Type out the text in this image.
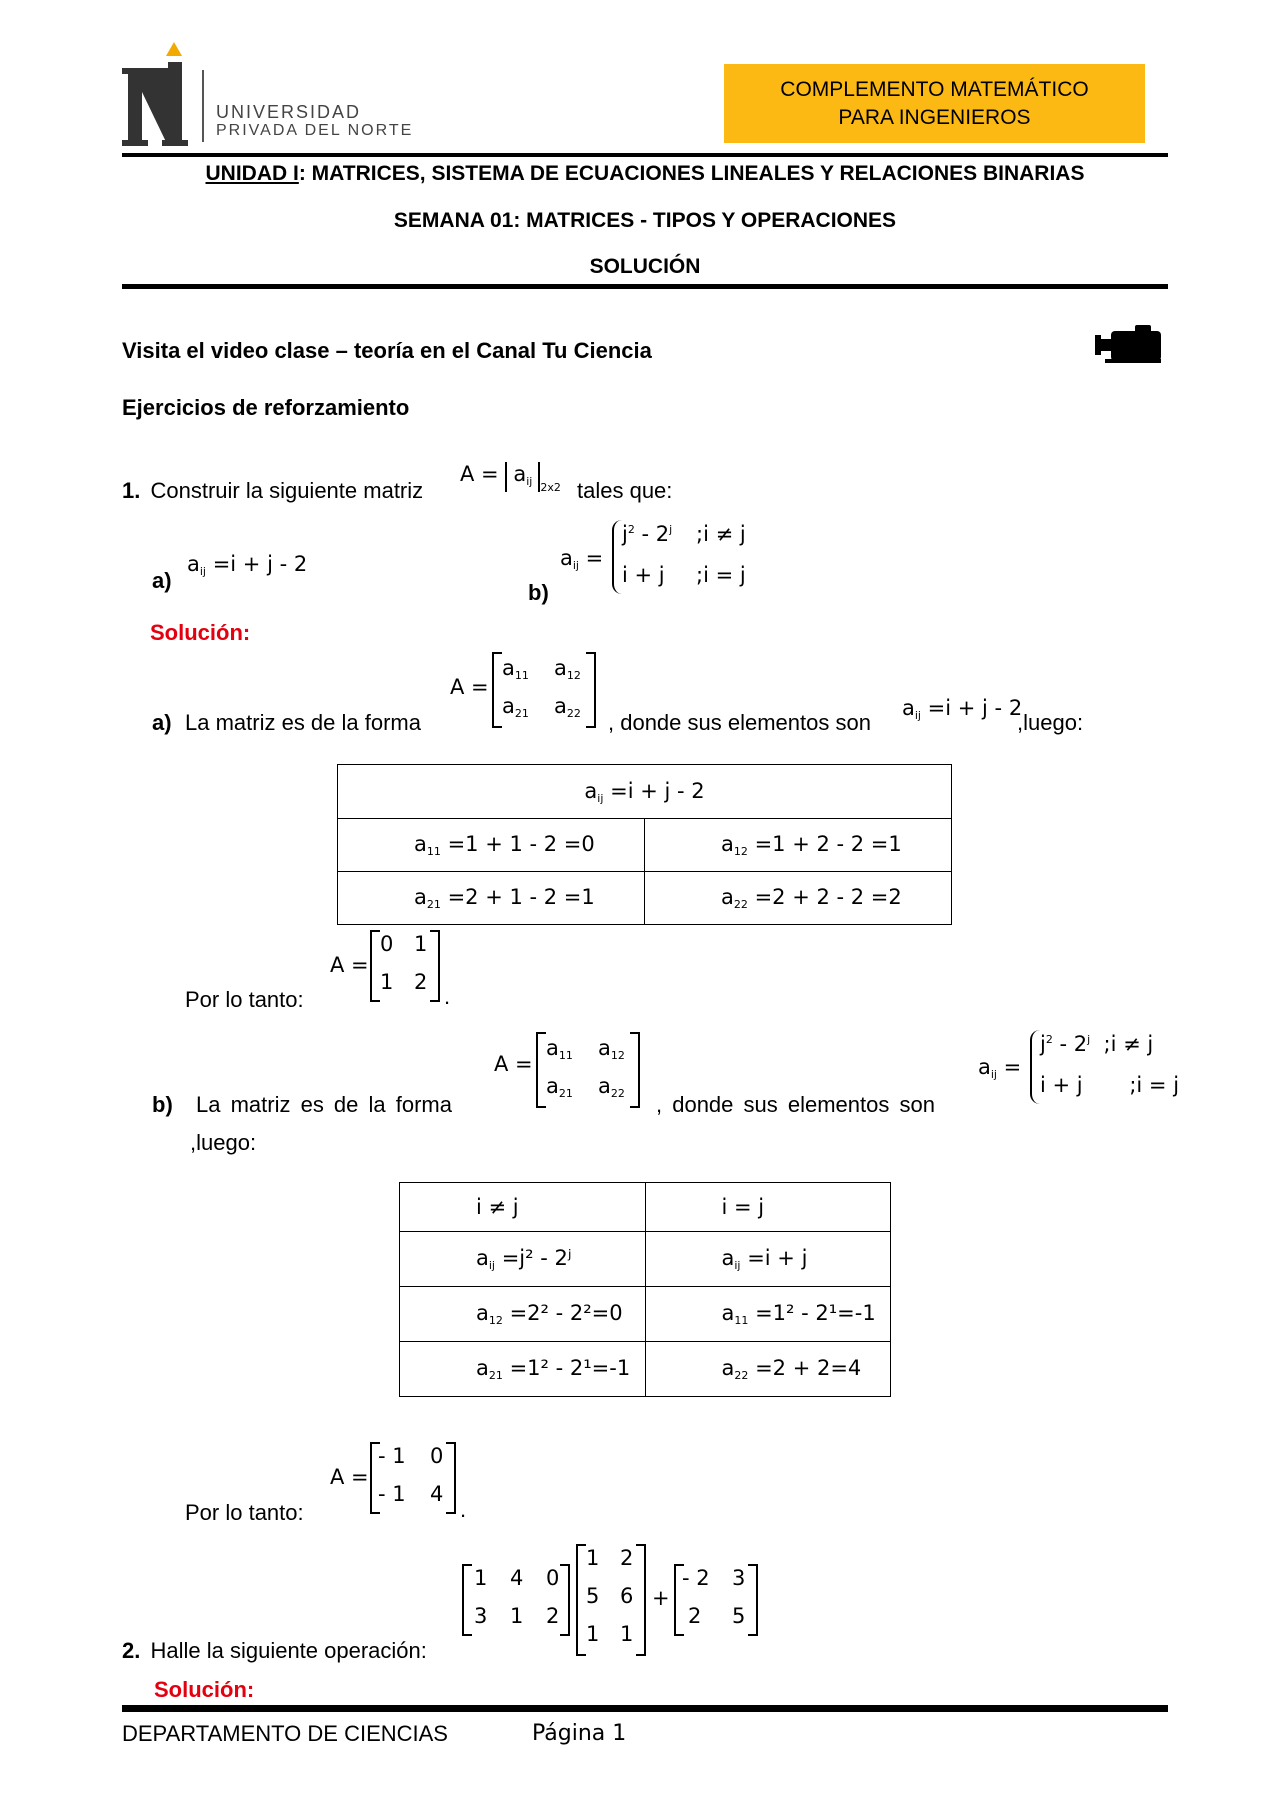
UNIVERSIDAD
PRIVADA DEL NORTE
COMPLEMENTO MATEMÁTICO
PARA INGENIEROS
UNIDAD I: MATRICES, SISTEMA DE ECUACIONES LINEALES Y RELACIONES BINARIAS
SEMANA 01: MATRICES - TIPOS Y OPERACIONES
SOLUCIÓN
Visita el video clase – teoría en el Canal Tu Ciencia
Ejercicios de reforzamiento
1. Construir la siguiente matriz
$A = a_{ij}$ $_{2x2}$ tales que:
a)
$a_{ij} =i + j - 2$
b)
$a_{ij}$ =
$j^2 - 2^j$ ;i ≠ j
i + j ;i = j
Solución:
A =
$a_{11}$ $a_{12}$
$a_{21}$ $a_{22}$
a) La matriz es de la forma	, donde sus elementos son
$a_{ij} =i + j - 2$
,luego:
$a_{ij} =i + j - 2$	
$a_{11} =1 + 1 - 2 =0$	$a_{12} =1 + 2 - 2 =1$
$a_{21} =2 + 1 - 2 =1$	$a_{22} =2 + 2 - 2 =2$
A =
0 1
1 2
Por lo tanto:	.
A =
$a_{11}$ $a_{12}$
$a_{21}$ $a_{22}$
b) La matriz es de la forma	, donde sus elementos son
$a_{ij}$ =
$j^2 - 2^j$  ;i ≠ j
i + j       ;i = j
,luego:
i ≠ j	i = j
$a_{ij} =j^2$ - 2ʲ	$a_{ij} =i + j$
$a_{12} =2^2 - 2^2=0$	$a_{11} =1^2 - 2^1=-1$
$a_{21} =1^2 - 2^1=-1$	$a_{22} =2 + 2=4$
A =
- 1 0
- 1 4
Por lo tanto:	.
1 4 0
3 1 2
1 2
5 6
1 1
+
- 2 3
2 5
2. Halle la siguiente operación:
Solución:
DEPARTAMENTO DE CIENCIAS	Página 1
